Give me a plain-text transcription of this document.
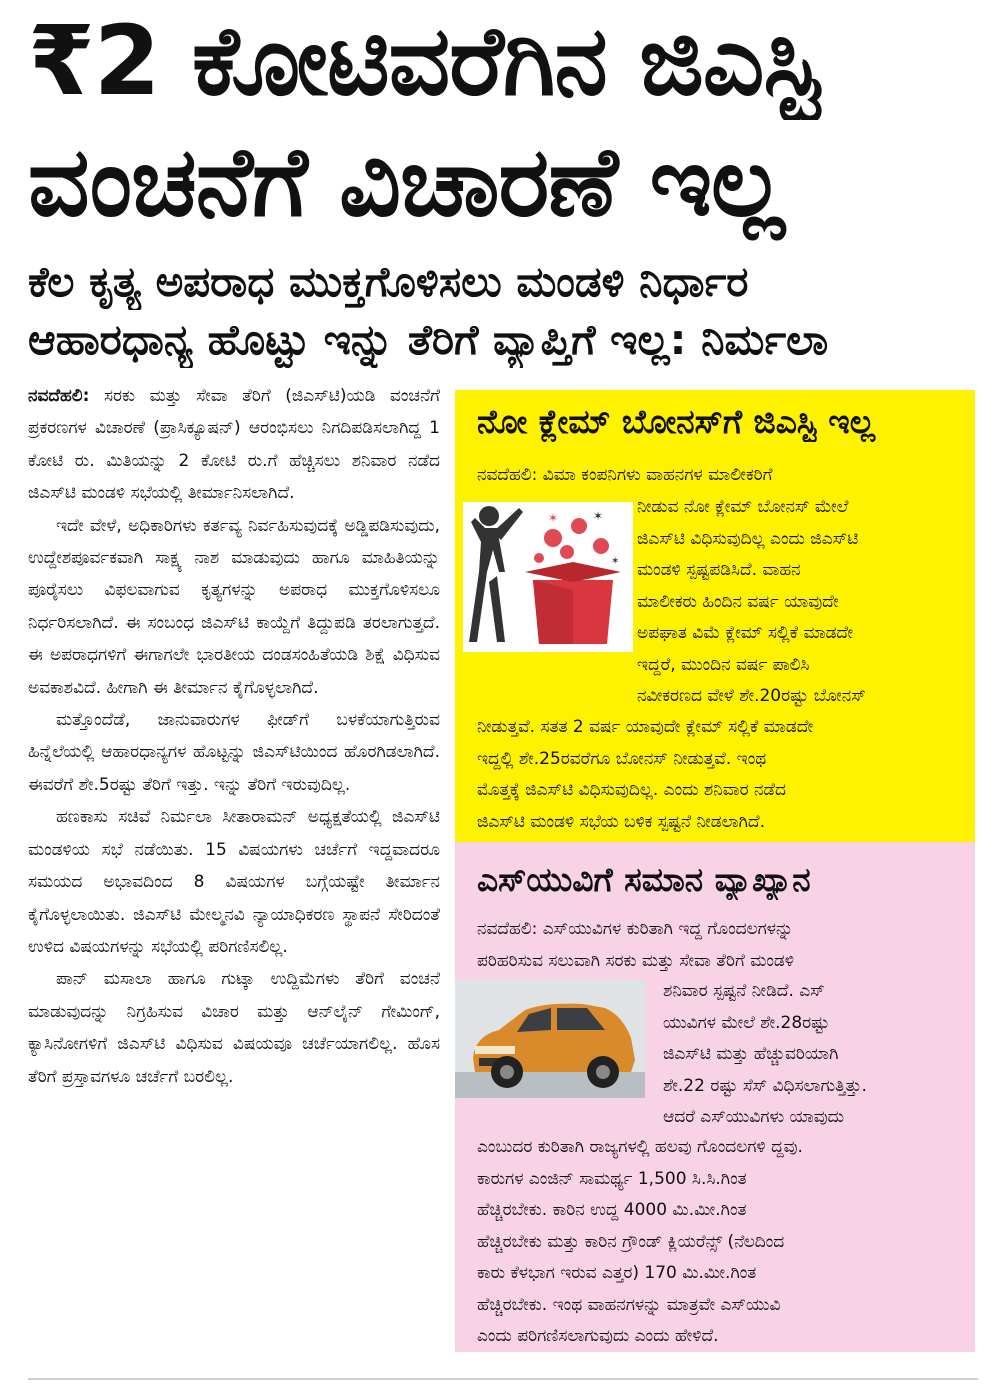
₹2 ಕೋಟಿವರೆಗಿನ ಜಿಎಸ್ಟಿ
ವಂಚನೆಗೆ ವಿಚಾರಣೆ ಇಲ್ಲ
ಕೆಲ ಕೃತ್ಯ ಅಪರಾಧ ಮುಕ್ತಗೊಳಿಸಲು ಮಂಡಳಿ ನಿರ್ಧಾರ
ಆಹಾರಧಾನ್ಯ ಹೊಟ್ಟು ಇನ್ನು ತೆರಿಗೆ ವ್ಯಾಪ್ತಿಗೆ ಇಲ್ಲ: ನಿರ್ಮಲಾ

ನವದೆಹಲಿ: ಸರಕು ಮತ್ತು ಸೇವಾ ತೆರಿಗೆ (ಜಿಎಸ್‌ಟಿ)ಯಡಿ ವಂಚನೆಗೆ ಪ್ರಕರಣಗಳ ವಿಚಾರಣೆ (ಪ್ರಾಸಿಕ್ಯೂಷನ್) ಆರಂಭಿಸಲು ನಿಗದಿಪಡಿಸಲಾಗಿದ್ದ 1 ಕೋಟಿ ರು. ಮಿತಿಯನ್ನು 2 ಕೋಟಿ ರು.ಗೆ ಹೆಚ್ಚಿಸಲು ಶನಿವಾರ ನಡೆದ ಜಿಎಸ್‌ಟಿ ಮಂಡಳಿ ಸಭೆಯಲ್ಲಿ ತೀರ್ಮಾನಿಸಲಾಗಿದೆ.

ಇದೇ ವೇಳೆ, ಅಧಿಕಾರಿಗಳು ಕರ್ತವ್ಯ ನಿರ್ವಹಿಸುವುದಕ್ಕೆ ಅಡ್ಡಿಪಡಿಸುವುದು, ಉದ್ದೇಶಪೂರ್ವಕವಾಗಿ ಸಾಕ್ಷ್ಯ ನಾಶ ಮಾಡುವುದು ಹಾಗೂ ಮಾಹಿತಿಯನ್ನು ಪೂರೈಸಲು ವಿಫಲವಾಗುವ ಕೃತ್ಯಗಳನ್ನು ಅಪರಾಧ ಮುಕ್ತಗೊಳಿಸಲೂ ನಿರ್ಧರಿಸಲಾಗಿದೆ. ಈ ಸಂಬಂಧ ಜಿಎಸ್‌ಟಿ ಕಾಯ್ದೆಗೆ ತಿದ್ದುಪಡಿ ತರಲಾಗುತ್ತದೆ. ಈ ಅಪರಾಧಗಳಿಗೆ ಈಗಾಗಲೇ ಭಾರತೀಯ ದಂಡಸಂಹಿತೆಯಡಿ ಶಿಕ್ಷೆ ವಿಧಿಸುವ ಅವಕಾಶವಿದೆ. ಹೀಗಾಗಿ ಈ ತೀರ್ಮಾನ ಕೈಗೊಳ್ಳಲಾಗಿದೆ.

ಮತ್ತೊಂದೆಡೆ, ಜಾನುವಾರುಗಳ ಫೀಡ್‌ಗೆ ಬಳಕೆಯಾಗುತ್ತಿರುವ ಹಿನ್ನೆಲೆಯಲ್ಲಿ ಆಹಾರಧಾನ್ಯಗಳ ಹೊಟ್ಟನ್ನು ಜಿಎಸ್‌ಟಿಯಿಂದ ಹೊರಗಿಡಲಾಗಿದೆ. ಈವರೆಗೆ ಶೇ.5ರಷ್ಟು ತೆರಿಗೆ ಇತ್ತು. ಇನ್ನು ತೆರಿಗೆ ಇರುವುದಿಲ್ಲ.

ಹಣಕಾಸು ಸಚಿವೆ ನಿರ್ಮಲಾ ಸೀತಾರಾಮನ್ ಅಧ್ಯಕ್ಷತೆಯಲ್ಲಿ ಜಿಎಸ್‌ಟಿ ಮಂಡಳಿಯ ಸಭೆ ನಡೆಯಿತು. 15 ವಿಷಯಗಳು ಚರ್ಚೆಗೆ ಇದ್ದವಾದರೂ ಸಮಯದ ಅಭಾವದಿಂದ 8 ವಿಷಯಗಳ ಬಗ್ಗೆಯಷ್ಟೇ ತೀರ್ಮಾನ ಕೈಗೊಳ್ಳಲಾಯಿತು. ಜಿಎಸ್‌ಟಿ ಮೇಲ್ಮನವಿ ನ್ಯಾಯಾಧಿಕರಣ ಸ್ಥಾಪನೆ ಸೇರಿದಂತೆ ಉಳಿದ ವಿಷಯಗಳನ್ನು ಸಭೆಯಲ್ಲಿ ಪರಿಗಣಿಸಲಿಲ್ಲ.

ಪಾನ್ ಮಸಾಲಾ ಹಾಗೂ ಗುಟ್ಕಾ ಉದ್ದಿಮೆಗಳು ತೆರಿಗೆ ವಂಚನೆ ಮಾಡುವುದನ್ನು ನಿಗ್ರಹಿಸುವ ವಿಚಾರ ಮತ್ತು ಆನ್‌ಲೈನ್ ಗೇಮಿಂಗ್, ಕ್ಯಾಸಿನೋಗಳಿಗೆ ಜಿಎಸ್‌ಟಿ ವಿಧಿಸುವ ವಿಷಯವೂ ಚರ್ಚೆಯಾಗಲಿಲ್ಲ. ಹೊಸ ತೆರಿಗೆ ಪ್ರಸ್ತಾವಗಳೂ ಚರ್ಚೆಗೆ ಬರಲಿಲ್ಲ.

ನೋ ಕ್ಲೇಮ್ ಬೋನಸ್‌ಗೆ ಜಿಎಸ್ಟಿ ಇಲ್ಲ
✶	✶
✶
ನವದೆಹಲಿ: ವಿಮಾ ಕಂಪನಿಗಳು ವಾಹನಗಳ ಮಾಲೀಕರಿಗೆ
ನೀಡುವ ನೋ ಕ್ಲೇಮ್ ಬೋನಸ್ ಮೇಲೆ
ಜಿಎಸ್‌ಟಿ ವಿಧಿಸುವುದಿಲ್ಲ ಎಂದು ಜಿಎಸ್‌ಟಿ
ಮಂಡಳಿ ಸ್ಪಷ್ಟಪಡಿಸಿದೆ. ವಾಹನ
ಮಾಲೀಕರು ಹಿಂದಿನ ವರ್ಷ ಯಾವುದೇ
ಅಪಘಾತ ವಿಮೆ ಕ್ಲೇಮ್ ಸಲ್ಲಿಕೆ ಮಾಡದೇ
ಇದ್ದರೆ, ಮುಂದಿನ ವರ್ಷ ಪಾಲಿಸಿ
ನವೀಕರಣದ ವೇಳೆ ಶೇ.20ರಷ್ಟು ಬೋನಸ್
ನೀಡುತ್ತವೆ. ಸತತ 2 ವರ್ಷ ಯಾವುದೇ ಕ್ಲೇಮ್ ಸಲ್ಲಿಕೆ ಮಾಡದೇ
ಇದ್ದಲ್ಲಿ ಶೇ.25ರವರೆಗೂ ಬೋನಸ್ ನೀಡುತ್ತವೆ. ಇಂಥ
ಮೊತ್ತಕ್ಕೆ ಜಿಎಸ್‌ಟಿ ವಿಧಿಸುವುದಿಲ್ಲ. ಎಂದು ಶನಿವಾರ ನಡೆದ
ಜಿಎಸ್‌ಟಿ ಮಂಡಳಿ ಸಭೆಯ ಬಳಿಕ ಸ್ಪಷ್ಟನೆ ನೀಡಲಾಗಿದೆ.
ಎಸ್‌ಯುವಿಗೆ ಸಮಾನ ವ್ಯಾಖ್ಯಾನ
ನವದೆಹಲಿ: ಎಸ್‌ಯುವಿಗಳ ಕುರಿತಾಗಿ ಇದ್ದ ಗೊಂದಲಗಳನ್ನು
ಪರಿಹರಿಸುವ ಸಲುವಾಗಿ ಸರಕು ಮತ್ತು ಸೇವಾ ತೆರಿಗೆ ಮಂಡಳಿ
ಶನಿವಾರ ಸ್ಪಷ್ಟನೆ ನೀಡಿದೆ. ಎಸ್
ಯುವಿಗಳ ಮೇಲೆ ಶೇ.28ರಷ್ಟು
ಜಿಎಸ್‌ಟಿ ಮತ್ತು ಹೆಚ್ಚುವರಿಯಾಗಿ
ಶೇ.22 ರಷ್ಟು ಸೆಸ್ ವಿಧಿಸಲಾಗುತ್ತಿತ್ತು.
ಆದರೆ ಎಸ್‌ಯುವಿಗಳು ಯಾವುದು
ಎಂಬುದರ ಕುರಿತಾಗಿ ರಾಜ್ಯಗಳಲ್ಲಿ ಹಲವು ಗೊಂದಲಗಳಿ ದ್ದವು.
ಕಾರುಗಳ ಎಂಜಿನ್ ಸಾಮರ್ಥ್ಯ 1,500 ಸಿ.ಸಿ.ಗಿಂತ
ಹೆಚ್ಚಿರಬೇಕು. ಕಾರಿನ ಉದ್ದ 4000 ಮಿ.ಮೀ.ಗಿಂತ
ಹೆಚ್ಚಿರಬೇಕು ಮತ್ತು ಕಾರಿನ ಗ್ರೌಂಡ್ ಕ್ಲಿಯರೆನ್ಸ್ (ನೆಲದಿಂದ
ಕಾರು ಕೆಳಭಾಗ ಇರುವ ಎತ್ತರ) 170 ಮಿ.ಮೀ.ಗಿಂತ
ಹೆಚ್ಚಿರಬೇಕು. ಇಂಥ ವಾಹನಗಳನ್ನು ಮಾತ್ರವೇ ಎಸ್‌ಯುವಿ
ಎಂದು ಪರಿಗಣಿಸಲಾಗುವುದು ಎಂದು ಹೇಳಿದೆ.
